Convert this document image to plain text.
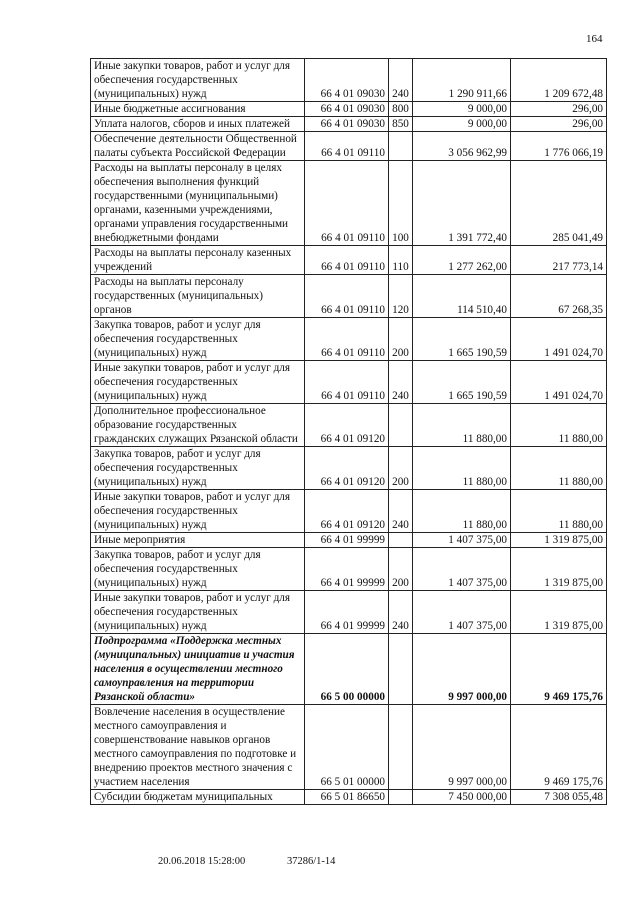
164
Иные закупки товаров, работ и услуг для обеспечения государственных (муниципальных) нужд	66 4 01 09030	240	1 290 911,66	1 209 672,48
Иные бюджетные ассигнования	66 4 01 09030	800	9 000,00	296,00
Уплата налогов, сборов и иных платежей	66 4 01 09030	850	9 000,00	296,00
Обеспечение деятельности Общественной палаты субъекта Российской Федерации	66 4 01 09110		3 056 962,99	1 776 066,19
Расходы на выплаты персоналу в целях обеспечения выполнения функций государственными (муниципальными) органами, казенными учреждениями, органами управления государственными внебюджетными фондами	66 4 01 09110	100	1 391 772,40	285 041,49
Расходы на выплаты персоналу казенных учреждений	66 4 01 09110	110	1 277 262,00	217 773,14
Расходы на выплаты персоналу государственных (муниципальных) органов	66 4 01 09110	120	114 510,40	67 268,35
Закупка товаров, работ и услуг для обеспечения государственных (муниципальных) нужд	66 4 01 09110	200	1 665 190,59	1 491 024,70
Иные закупки товаров, работ и услуг для обеспечения государственных (муниципальных) нужд	66 4 01 09110	240	1 665 190,59	1 491 024,70
Дополнительное профессиональное образование государственных гражданских служащих Рязанской области	66 4 01 09120		11 880,00	11 880,00
Закупка товаров, работ и услуг для обеспечения государственных (муниципальных) нужд	66 4 01 09120	200	11 880,00	11 880,00
Иные закупки товаров, работ и услуг для обеспечения государственных (муниципальных) нужд	66 4 01 09120	240	11 880,00	11 880,00
Иные мероприятия	66 4 01 99999		1 407 375,00	1 319 875,00
Закупка товаров, работ и услуг для обеспечения государственных (муниципальных) нужд	66 4 01 99999	200	1 407 375,00	1 319 875,00
Иные закупки товаров, работ и услуг для обеспечения государственных (муниципальных) нужд	66 4 01 99999	240	1 407 375,00	1 319 875,00
Подпрограмма «Поддержка местных (муниципальных) инициатив и участия населения в осуществлении местного самоуправления на территории Рязанской области»	66 5 00 00000		9 997 000,00	9 469 175,76
Вовлечение населения в осуществление местного самоуправления и совершенствование навыков органов местного самоуправления по подготовке и внедрению проектов местного значения с участием населения	66 5 01 00000		9 997 000,00	9 469 175,76
Субсидии бюджетам муниципальных	66 5 01 86650		7 450 000,00	7 308 055,48
20.06.2018 15:28:00	37286/1-14
